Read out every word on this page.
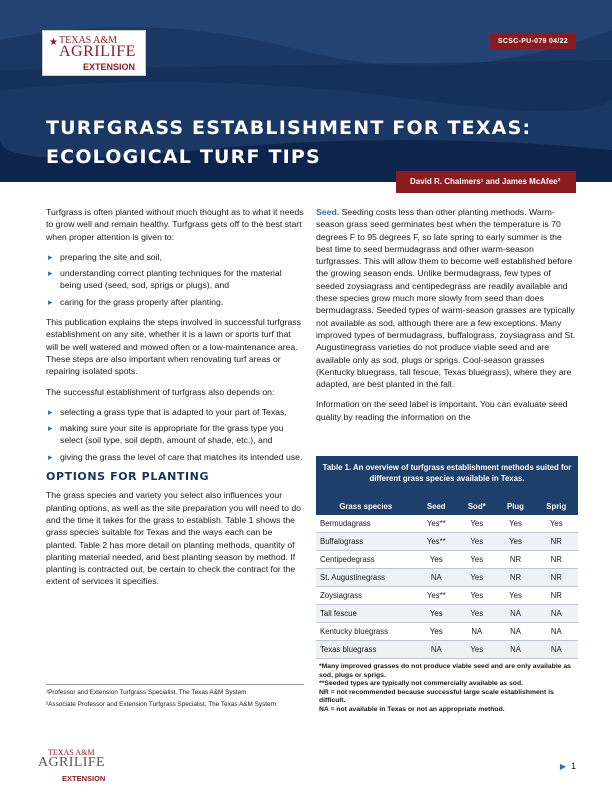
SCSC-PU-079 04/22
★ TEXAS A&M
AGRILIFE
EXTENSION
TURFGRASS ESTABLISHMENT FOR TEXAS:
ECOLOGICAL TURF TIPS
David R. Chalmers¹ and James McAfee²

Turfgrass is often planted without much thought as to what it needs to grow well and remain healthy. Turfgrass gets off to the best start when proper attention is given to:

▸ preparing the site and soil,
▸ understanding correct planting techniques for the material being used (seed, sod, sprigs or plugs), and
▸ caring for the grass properly after planting.

This publication explains the steps involved in successful turfgrass establishment on any site, whether it is a lawn or sports turf that will be well watered and mowed often or a low-maintenance area. These steps are also important when renovating turf areas or repairing isolated spots.

The successful establishment of turfgrass also depends on:

▸ selecting a grass type that is adapted to your part of Texas,
▸ making sure your site is appropriate for the grass type you select (soil type, soil depth, amount of shade, etc.), and
▸ giving the grass the level of care that matches its intended use.
OPTIONS FOR PLANTING

The grass species and variety you select also influences your planting options, as well as the site preparation you will need to do and the time it takes for the grass to establish. Table 1 shows the grass species suitable for Texas and the ways each can be planted. Table 2 has more detail on planting methods, quantity of planting material needed, and best planting season by method. If planting is contracted out, be certain to check the contract for the extent of services it specifies.

Seed. Seeding costs less than other planting methods. Warm-season grass seed germinates best when the temperature is 70 degrees F to 95 degrees F, so late spring to early summer is the best time to seed bermudagrass and other warm-season turfgrasses. This will allow them to become well established before the growing season ends. Unlike bermudagrass, few types of seeded zoysiagrass and centipedegrass are readily available and these species grow much more slowly from seed than does bermudagrass. Seeded types of warm-season grasses are typically not available as sod, although there are a few exceptions. Many improved types of bermudagrass, buffalograss, zoysiagrass and St. Augustinegrass varieties do not produce viable seed and are available only as sod, plugs or sprigs. Cool-season grasses (Kentucky bluegrass, tall fescue, Texas bluegrass), where they are adapted, are best planted in the fall.

Information on the seed label is important. You can evaluate seed quality by reading the information on the

Table 1. An overview of turfgrass establishment methods suited for different grass species available in Texas.
Grass species	Seed	Sod*	Plug	Sprig
Bermudagrass	Yes**	Yes	Yes	Yes
Buffalograss	Yes**	Yes	Yes	NR
Centipedegrass	Yes	Yes	NR	NR
St. Augustinegrass	NA	Yes	NR	NR
Zoysiagrass	Yes**	Yes	Yes	NR
Tall fescue	Yes	Yes	NA	NA
Kentucky bluegrass	Yes	NA	NA	NA
Texas bluegrass	NA	Yes	NA	NA
*Many improved grasses do not produce viable seed and are only available as sod, plugs or sprigs.
**Seeded types are typically not commercially available as sod.
NR = not recommended because successful large scale establishment is difficult.
NA = not available in Texas or not an appropriate method.
¹Professor and Extension Turfgrass Specialist, The Texas A&M System
²Associate Professor and Extension Turfgrass Specialist, The Texas A&M System
TEXAS A&M
AGRILIFE
EXTENSION
▶ 1
